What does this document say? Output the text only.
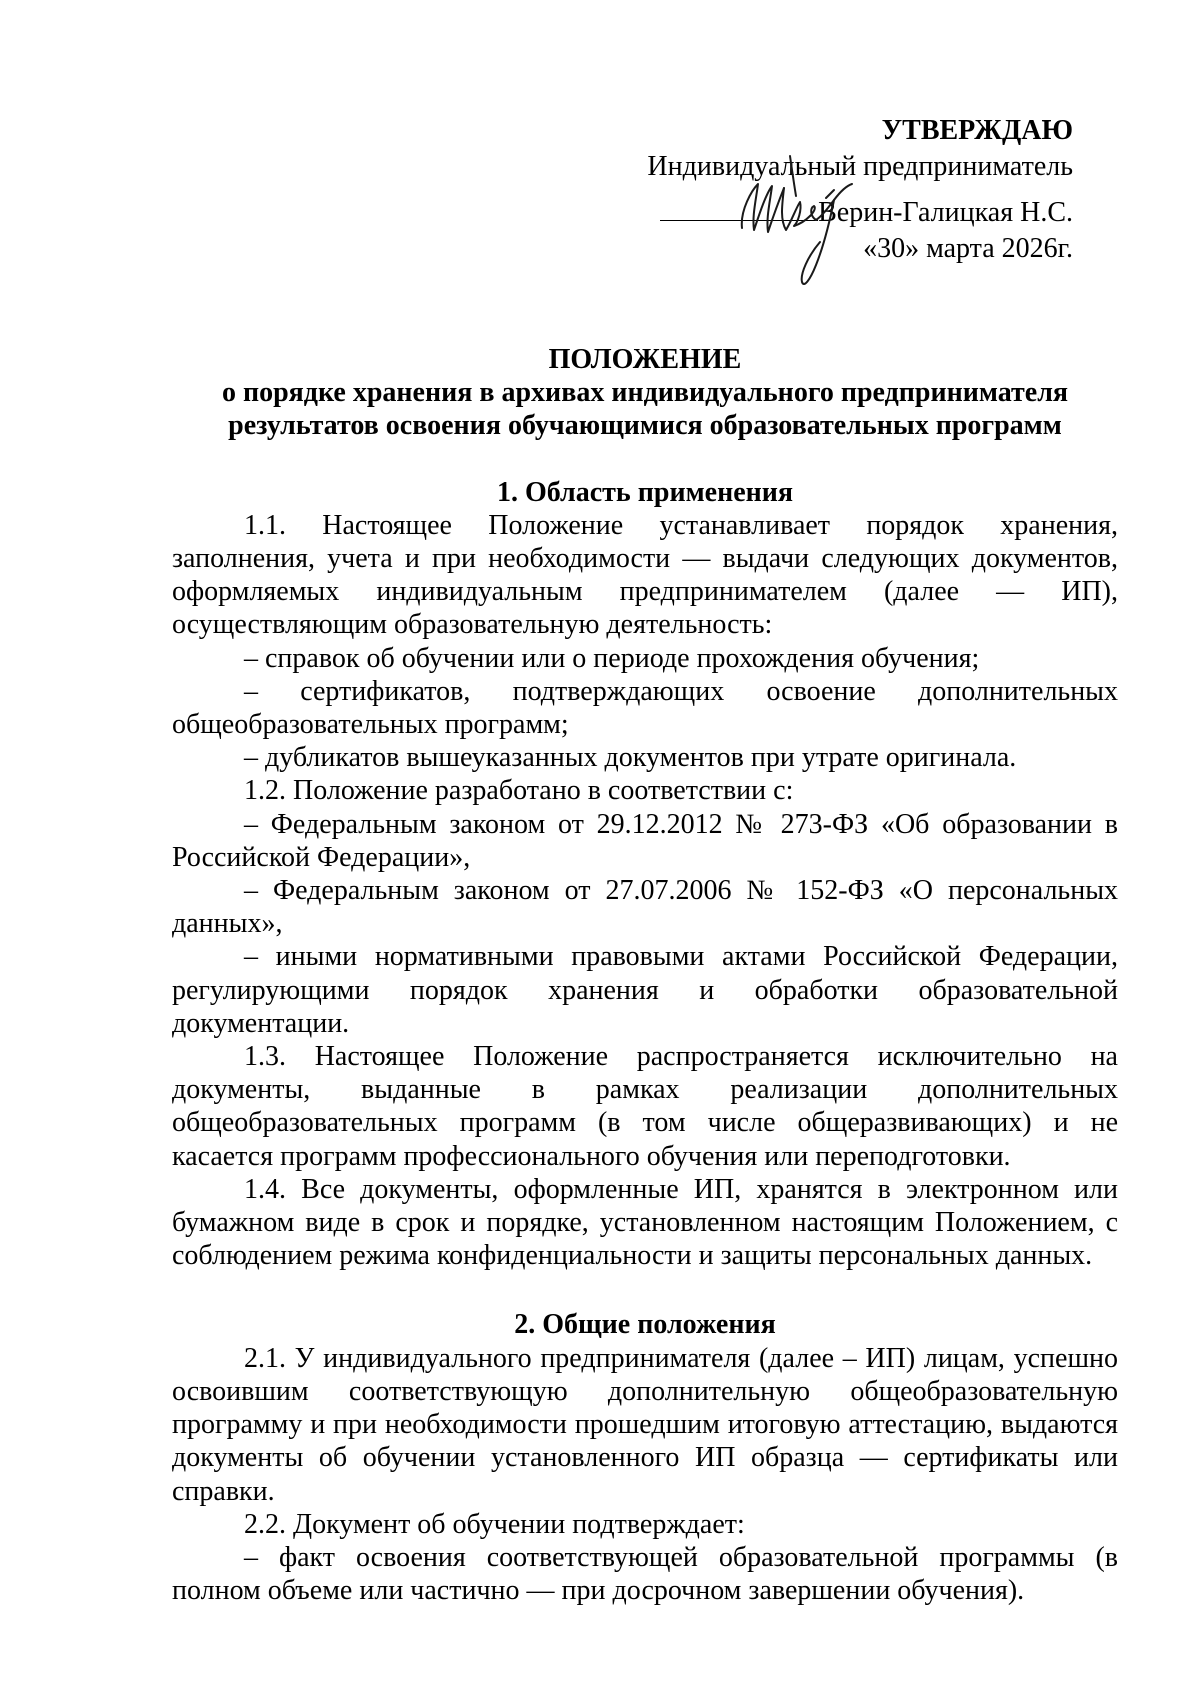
УТВЕРЖДАЮ
Индивидуальный предприниматель
Верин-Галицкая Н.С.
«30» марта 2026г.
ПОЛОЖЕНИЕ
о порядке хранения в архивах индивидуального предпринимателя
результатов освоения обучающимися образовательных программ
1. Область применения

1.1. Настоящее Положение устанавливает порядок хранения, заполнения, учета и при необходимости — выдачи следующих документов, оформляемых индивидуальным предпринимателем (далее — ИП), осуществляющим образовательную деятельность:

– справок об обучении или о периоде прохождения обучения;

– сертификатов, подтверждающих освоение дополнительных общеобразовательных программ;

– дубликатов вышеуказанных документов при утрате оригинала.

1.2. Положение разработано в соответствии с:

– Федеральным законом от 29.12.2012 № 273-ФЗ «Об образовании в Российской Федерации»,

– Федеральным законом от 27.07.2006 № 152-ФЗ «О персональных данных»,

– иными нормативными правовыми актами Российской Федерации, регулирующими порядок хранения и обработки образовательной документации.

1.3. Настоящее Положение распространяется исключительно на документы, выданные в рамках реализации дополнительных общеобразовательных программ (в том числе общеразвивающих) и не касается программ профессионального обучения или переподготовки.

1.4. Все документы, оформленные ИП, хранятся в электронном или бумажном виде в срок и порядке, установленном настоящим Положением, с соблюдением режима конфиденциальности и защиты персональных данных.

2. Общие положения

2.1. У индивидуального предпринимателя (далее – ИП) лицам, успешно освоившим соответствующую дополнительную общеобразовательную программу и при необходимости прошедшим итоговую аттестацию, выдаются документы об обучении установленного ИП образца — сертификаты или справки.

2.2. Документ об обучении подтверждает:

– факт освоения соответствующей образовательной программы (в полном объеме или частично — при досрочном завершении обучения).
